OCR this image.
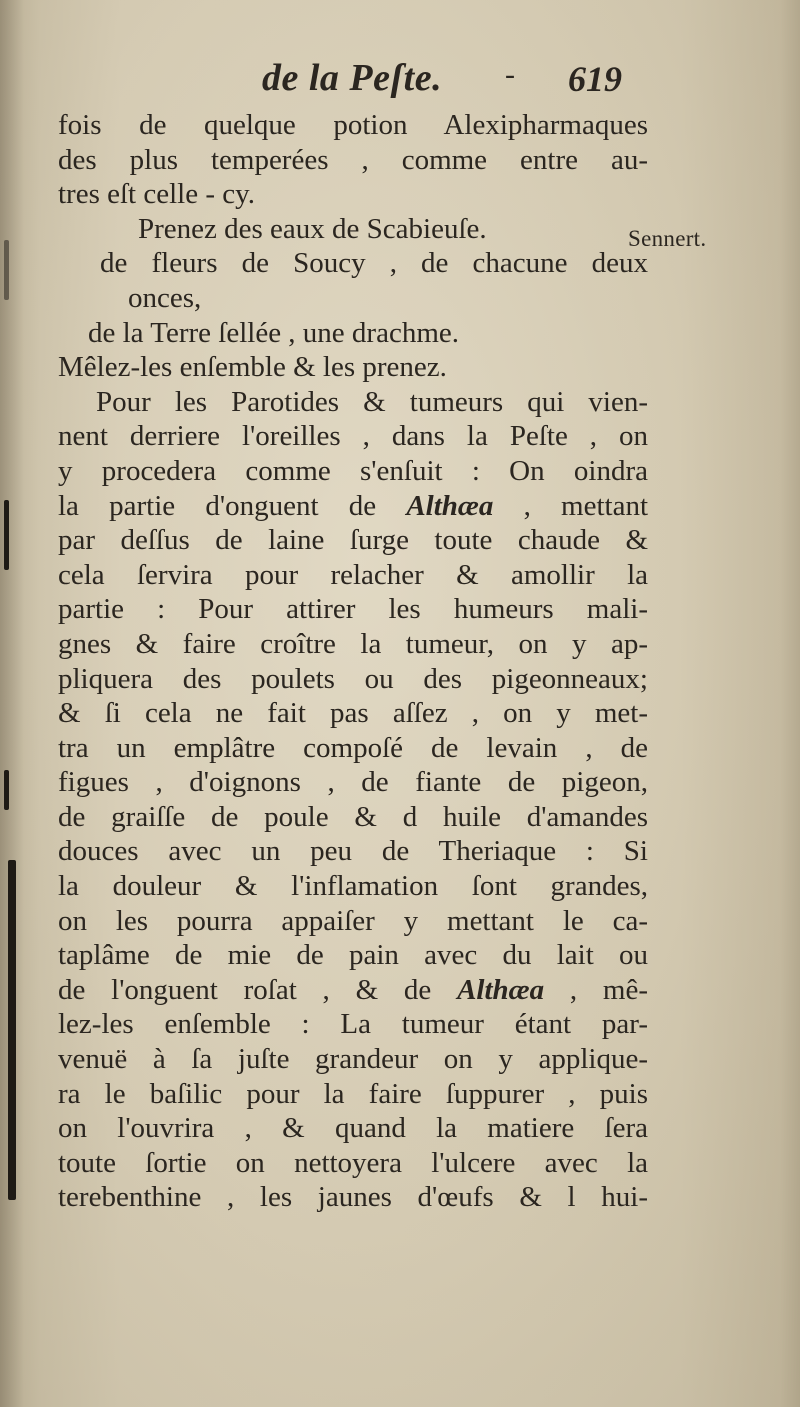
de la Peſte. - 619
Sennert.
fois de quelque potion Alexipharmaques
des plus temperées , comme entre au-
tres eſt celle - cy.
Prenez des eaux de Scabieuſe.
de fleurs de Soucy , de chacune deux
onces,
de la Terre ſellée , une drachme.
Mêlez-les enſemble & les prenez.
Pour les Parotides & tumeurs qui vien-
nent derriere l'oreilles , dans la Peſte , on
y procedera comme s'enſuit : On oindra
la partie d'onguent de Althæa , mettant
par deſſus de laine ſurge toute chaude &
cela ſervira pour relacher & amollir la
partie : Pour attirer les humeurs mali-
gnes & faire croître la tumeur, on y ap-
pliquera des poulets ou des pigeonneaux;
& ſi cela ne fait pas aſſez , on y met-
tra un emplâtre compoſé de levain , de
figues , d'oignons , de fiante de pigeon,
de graiſſe de poule & d huile d'amandes
douces avec un peu de Theriaque : Si
la douleur & l'inflamation ſont grandes,
on les pourra appaiſer y mettant le ca-
taplâme de mie de pain avec du lait ou
de l'onguent roſat , & de Althæa , mê-
lez-les enſemble : La tumeur étant par-
venuë à ſa juſte grandeur on y applique-
ra le baſilic pour la faire ſuppurer , puis
on l'ouvrira , & quand la matiere ſera
toute ſortie on nettoyera l'ulcere avec la
terebenthine , les jaunes d'œufs & l hui-
